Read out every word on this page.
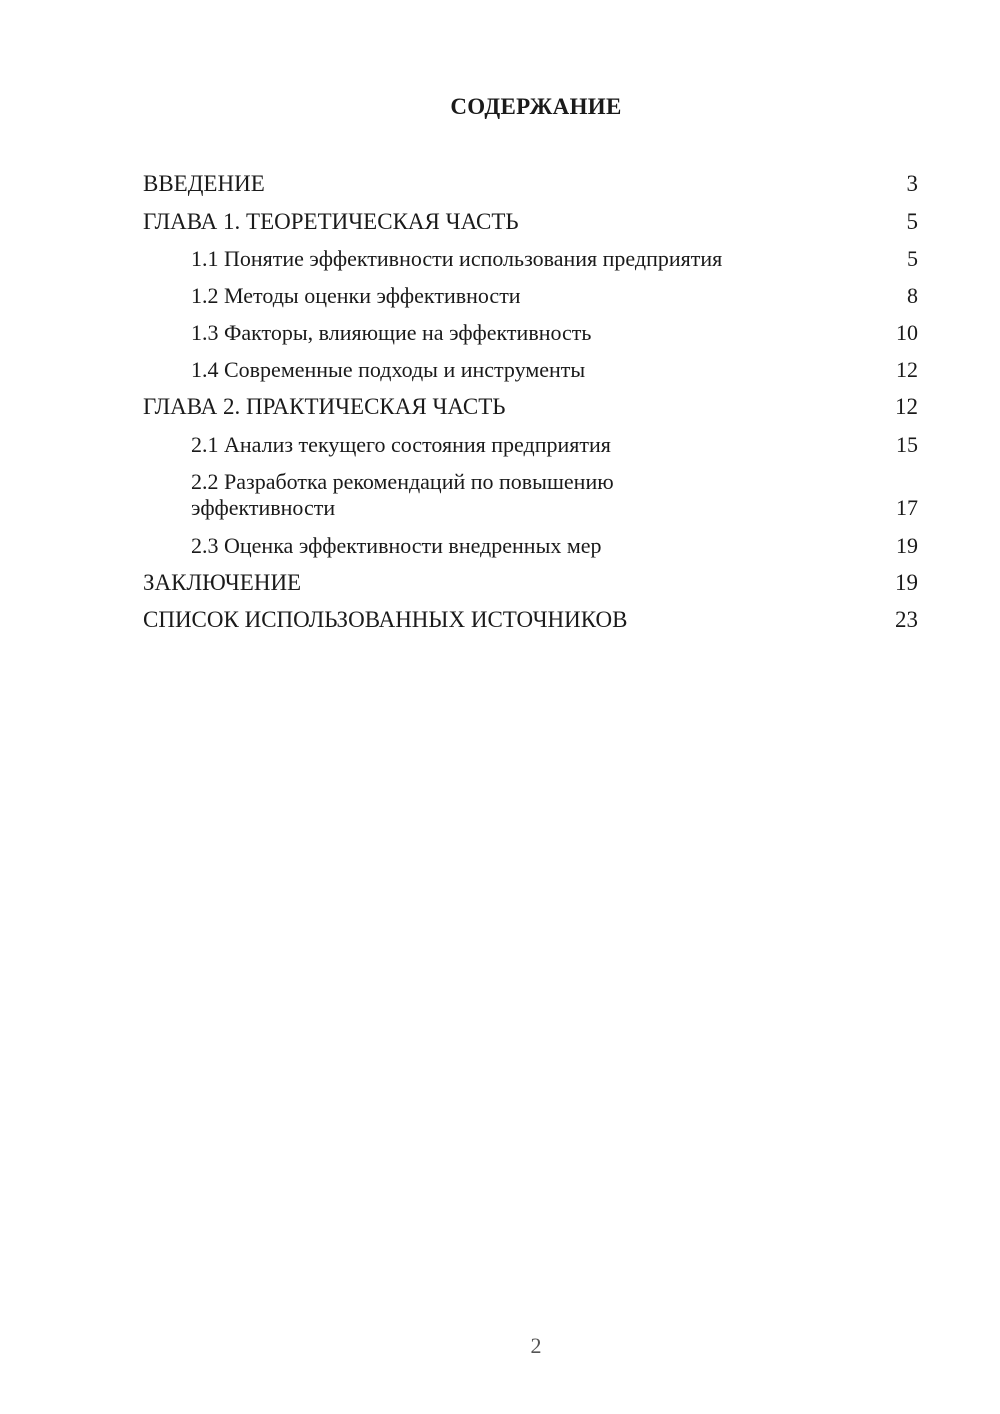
СОДЕРЖАНИЕ
ВВЕДЕНИЕ	3
ГЛАВА 1. ТЕОРЕТИЧЕСКАЯ ЧАСТЬ	5
1.1 Понятие эффективности использования предприятия	5
1.2 Методы оценки эффективности	8
1.3 Факторы, влияющие на эффективность	10
1.4 Современные подходы и инструменты	12
ГЛАВА 2. ПРАКТИЧЕСКАЯ ЧАСТЬ	12
2.1 Анализ текущего состояния предприятия	15
2.2 Разработка рекомендаций по повышению эффективности	17
2.3 Оценка эффективности внедренных мер	19
ЗАКЛЮЧЕНИЕ	19
СПИСОК ИСПОЛЬЗОВАННЫХ ИСТОЧНИКОВ	23
2
